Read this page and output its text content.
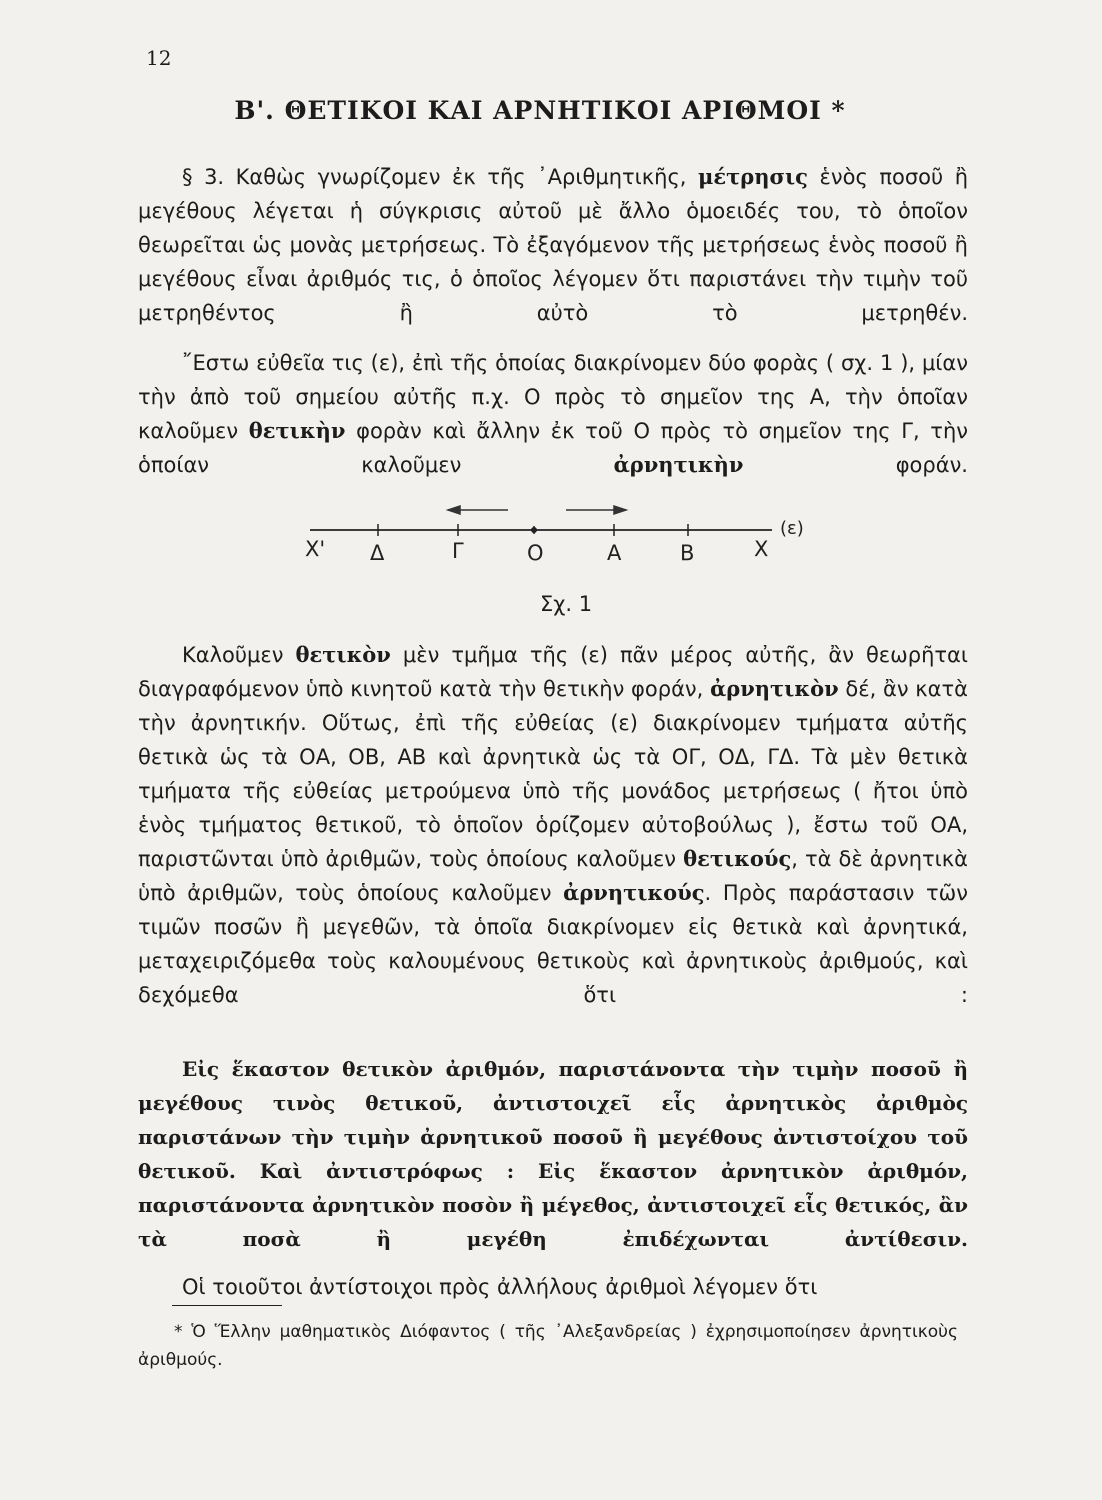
12
Β'. ΘΕΤΙΚΟΙ ΚΑΙ ΑΡΝΗΤΙΚΟΙ ΑΡΙΘΜΟΙ *

§ 3. Καθὼς γνωρίζομεν ἐκ τῆς ᾿Αριθμητικῆς, μέτρησις ἑνὸς ποσοῦ ἢ μεγέθους λέγεται ἡ σύγκρισις αὐτοῦ μὲ ἄλλο ὁμοειδές του, τὸ ὁποῖον θεωρεῖται ὡς μονὰς μετρήσεως. Τὸ ἐξαγόμενον τῆς μετρήσεως ἑνὸς ποσοῦ ἢ μεγέθους εἶναι ἀριθμός τις, ὁ ὁποῖος λέγομεν ὅτι παριστάνει τὴν τιμὴν τοῦ μετρηθέντος ἢ αὐτὸ τὸ μετρηθέν.

῎Εστω εὐθεῖα τις (ε), ἐπὶ τῆς ὁποίας διακρίνομεν δύο φορὰς ( σχ. 1 ), μίαν τὴν ἀπὸ τοῦ σημείου αὐτῆς π.χ. Ο πρὸς τὸ σημεῖον της Α, τὴν ὁποῖαν καλοῦμεν θετικὴν φορὰν καὶ ἄλλην ἐκ τοῦ Ο πρὸς τὸ σημεῖον της Γ, τὴν ὁποίαν καλοῦμεν ἀρνητικὴν φοράν.

Χ' Δ	Γ	Ο	Α	Β	Χ
(ε)
Σχ. 1

Καλοῦμεν θετικὸν μὲν τμῆμα τῆς (ε) πᾶν μέρος αὐτῆς, ἂν θεωρῆται διαγραφόμενον ὑπὸ κινητοῦ κατὰ τὴν θετικὴν φοράν, ἀρνητικὸν δέ, ἂν κατὰ τὴν ἀρνητικήν. Οὕτως, ἐπὶ τῆς εὐθείας (ε) διακρίνομεν τμήματα αὐτῆς θετικὰ ὡς τὰ ΟΑ, ΟΒ, ΑΒ καὶ ἀρνητικὰ ὡς τὰ ΟΓ, ΟΔ, ΓΔ. Τὰ μὲν θετικὰ τμήματα τῆς εὐθείας μετρούμενα ὑπὸ τῆς μονάδος μετρήσεως ( ἤτοι ὑπὸ ἑνὸς τμήματος θετικοῦ, τὸ ὁποῖον ὁρίζομεν αὐτοβούλως ), ἔστω τοῦ ΟΑ, παριστῶνται ὑπὸ ἀριθμῶν, τοὺς ὁποίους καλοῦμεν θετικούς, τὰ δὲ ἀρνητικὰ ὑπὸ ἀριθμῶν, τοὺς ὁποίους καλοῦμεν ἀρνητικούς. Πρὸς παράστασιν τῶν τιμῶν ποσῶν ἢ μεγεθῶν, τὰ ὁποῖα διακρίνομεν εἰς θετικὰ καὶ ἀρνητικά, μεταχειριζόμεθα τοὺς καλουμένους θετικοὺς καὶ ἀρνητικοὺς ἀριθμούς, καὶ δεχόμεθα ὅτι :

Εἰς ἕκαστον θετικὸν ἀριθμόν, παριστάνοντα τὴν τιμὴν ποσοῦ ἢ μεγέθους τινὸς θετικοῦ, ἀντιστοιχεῖ εἷς ἀρνητικὸς ἀριθμὸς παριστάνων τὴν τιμὴν ἀρνητικοῦ ποσοῦ ἢ μεγέθους ἀντιστοίχου τοῦ θετικοῦ. Καὶ ἀντιστρόφως : Εἰς ἕκαστον ἀρνητικὸν ἀριθμόν, παριστάνοντα ἀρνητικὸν ποσὸν ἢ μέγεθος, ἀντιστοιχεῖ εἷς θετικός, ἂν τὰ ποσὰ ἢ μεγέθη ἐπιδέχωνται ἀντίθεσιν.

Οἱ τοιοῦτοι ἀντίστοιχοι πρὸς ἀλλήλους ἀριθμοὶ λέγομεν ὅτι

* Ὁ Ἕλλην μαθηματικὸς Διόφαντος ( τῆς ᾿Αλεξανδρείας ) ἐχρησιμοποίησεν ἀρνητικοὺς ἀριθμούς.
